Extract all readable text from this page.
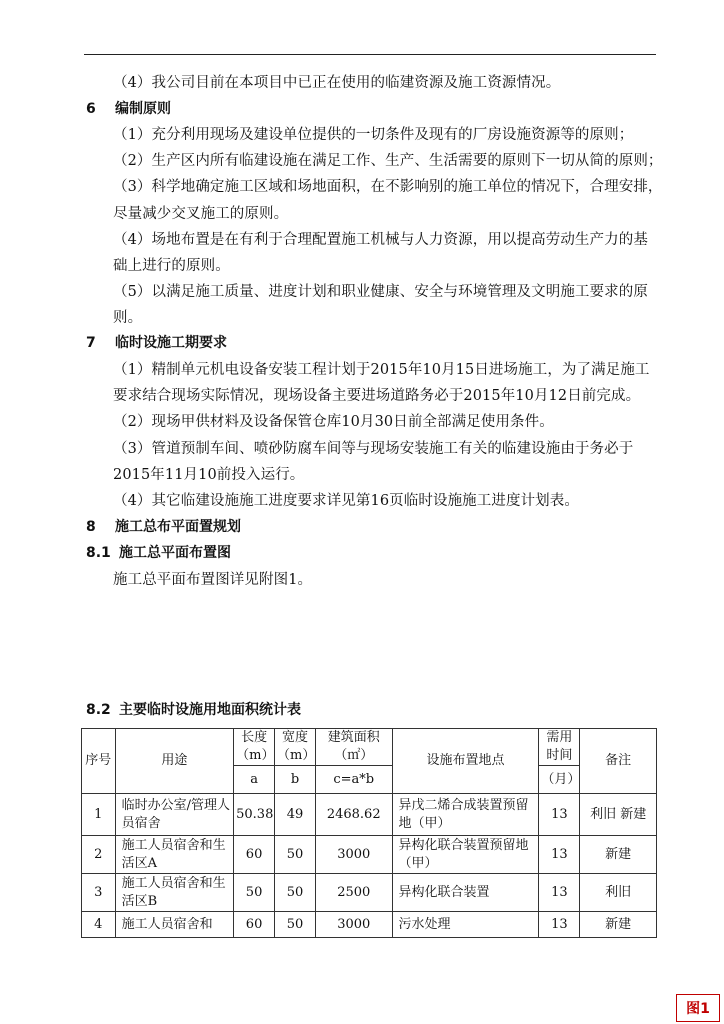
（4）我公司目前在本项目中已正在使用的临建资源及施工资源情况。
6 编制原则
（1）充分利用现场及建设单位提供的一切条件及现有的厂房设施资源等的原则；
（2）生产区内所有临建设施在满足工作、生产、生活需要的原则下一切从简的原则；
（3）科学地确定施工区域和场地面积，在不影响别的施工单位的情况下，合理安排，
尽量减少交叉施工的原则。
（4）场地布置是在有利于合理配置施工机械与人力资源，用以提高劳动生产力的基
础上进行的原则。
（5）以满足施工质量、进度计划和职业健康、安全与环境管理及文明施工要求的原
则。
7 临时设施工期要求
（1）精制单元机电设备安装工程计划于2015年10月15日进场施工，为了满足施工
要求结合现场实际情况，现场设备主要进场道路务必于2015年10月12日前完成。
（2）现场甲供材料及设备保管仓库10月30日前全部满足使用条件。
（3）管道预制车间、喷砂防腐车间等与现场安装施工有关的临建设施由于务必于
2015年11月10前投入运行。
（4）其它临建设施施工进度要求详见第16页临时设施施工进度计划表。
8 施工总布平面置规划
8.1 施工总平面布置图
施工总平面布置图详见附图1。
8.2 主要临时设施用地面积统计表
序号	用途	长度（m）	宽度（m）	建筑面积（㎡）	设施布置地点	需用时间	备注
		a	b	c=a*b		（月）	
1	临时办公室/管理人员宿舍	50.38	49	2468.62	异戊二烯合成装置预留地（甲）	13	利旧 新建
2	施工人员宿舍和生活区A	60	50	3000	异构化联合装置预留地（甲）	13	新建
3	施工人员宿舍和生活区B	50	50	2500	异构化联合装置	13	利旧
4	施工人员宿舍和	60	50	3000	污水处理	13	新建
图1
